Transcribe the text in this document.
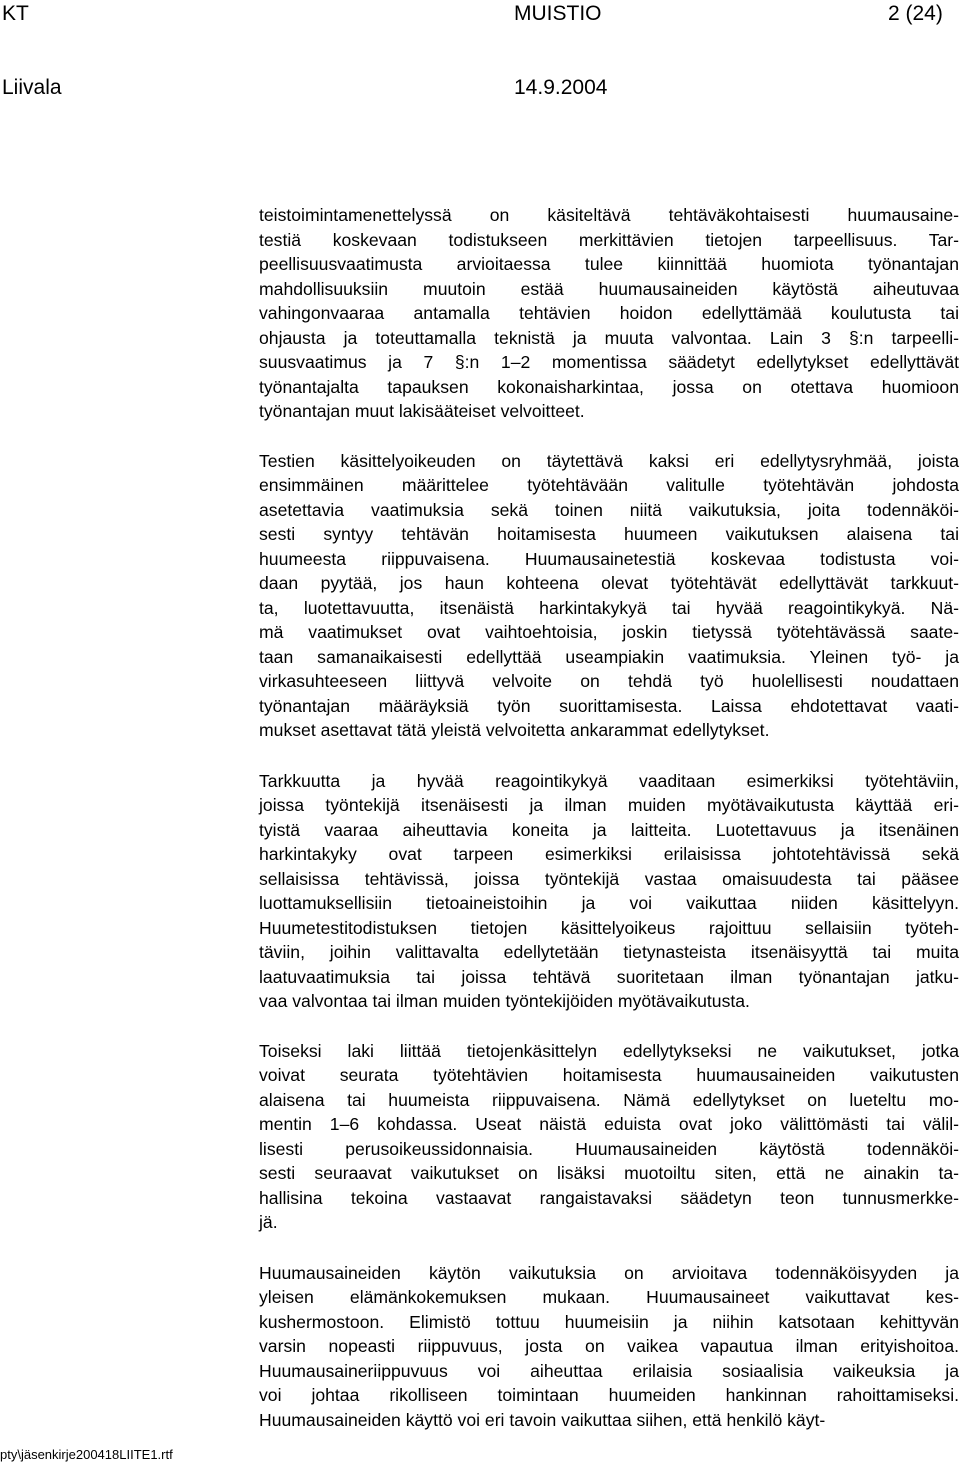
KT	MUISTIO	2 (24)
Liivala	14.9.2004
teistoimintamenettelyssä on käsiteltävä tehtäväkohtaisesti huumausaine-
testiä koskevaan todistukseen merkittävien tietojen tarpeellisuus. Tar-
peellisuusvaatimusta arvioitaessa tulee kiinnittää huomiota työnantajan
mahdollisuuksiin muutoin estää huumausaineiden käytöstä aiheutuvaa
vahingonvaaraa antamalla tehtävien hoidon edellyttämää koulutusta tai
ohjausta ja toteuttamalla teknistä ja muuta valvontaa. Lain 3 §:n tarpeelli-
suusvaatimus ja 7 §:n 1–2 momentissa säädetyt edellytykset edellyttävät
työnantajalta tapauksen kokonaisharkintaa, jossa on otettava huomioon
työnantajan muut lakisääteiset velvoitteet.
Testien käsittelyoikeuden on täytettävä kaksi eri edellytysryhmää, joista
ensimmäinen määrittelee työtehtävään valitulle työtehtävän johdosta
asetettavia vaatimuksia sekä toinen niitä vaikutuksia, joita todennäköi-
sesti syntyy tehtävän hoitamisesta huumeen vaikutuksen alaisena tai
huumeesta riippuvaisena. Huumausainetestiä koskevaa todistusta voi-
daan pyytää, jos haun kohteena olevat työtehtävät edellyttävät tarkkuut-
ta, luotettavuutta, itsenäistä harkintakykyä tai hyvää reagointikykyä. Nä-
mä vaatimukset ovat vaihtoehtoisia, joskin tietyssä työtehtävässä saate-
taan samanaikaisesti edellyttää useampiakin vaatimuksia. Yleinen työ- ja
virkasuhteeseen liittyvä velvoite on tehdä työ huolellisesti noudattaen
työnantajan määräyksiä työn suorittamisesta. Laissa ehdotettavat vaati-
mukset asettavat tätä yleistä velvoitetta ankarammat edellytykset.
Tarkkuutta ja hyvää reagointikykyä vaaditaan esimerkiksi työtehtäviin,
joissa työntekijä itsenäisesti ja ilman muiden myötävaikutusta käyttää eri-
tyistä vaaraa aiheuttavia koneita ja laitteita. Luotettavuus ja itsenäinen
harkintakyky ovat tarpeen esimerkiksi erilaisissa johtotehtävissä sekä
sellaisissa tehtävissä, joissa työntekijä vastaa omaisuudesta tai pääsee
luottamuksellisiin tietoaineistoihin ja voi vaikuttaa niiden käsittelyyn.
Huumetestitodistuksen tietojen käsittelyoikeus rajoittuu sellaisiin työteh-
täviin, joihin valittavalta edellytetään tietynasteista itsenäisyyttä tai muita
laatuvaatimuksia tai joissa tehtävä suoritetaan ilman työnantajan jatku-
vaa valvontaa tai ilman muiden työntekijöiden myötävaikutusta.
Toiseksi laki liittää tietojenkäsittelyn edellytykseksi ne vaikutukset, jotka
voivat seurata työtehtävien hoitamisesta huumausaineiden vaikutusten
alaisena tai huumeista riippuvaisena. Nämä edellytykset on lueteltu mo-
mentin 1–6 kohdassa. Useat näistä eduista ovat joko välittömästi tai välil-
lisesti perusoikeussidonnaisia. Huumausaineiden käytöstä todennäköi-
sesti seuraavat vaikutukset on lisäksi muotoiltu siten, että ne ainakin ta-
hallisina tekoina vastaavat rangaistavaksi säädetyn teon tunnusmerkke-
jä.
Huumausaineiden käytön vaikutuksia on arvioitava todennäköisyyden ja
yleisen elämänkokemuksen mukaan. Huumausaineet vaikuttavat kes-
kushermostoon. Elimistö tottuu huumeisiin ja niihin katsotaan kehittyvän
varsin nopeasti riippuvuus, josta on vaikea vapautua ilman erityishoitoa.
Huumausaineriippuvuus voi aiheuttaa erilaisia sosiaalisia vaikeuksia ja
voi johtaa rikolliseen toimintaan huumeiden hankinnan rahoittamiseksi.
Huumausaineiden käyttö voi eri tavoin vaikuttaa siihen, että henkilö käyt-
pty\jäsenkirje200418LIITE1.rtf
